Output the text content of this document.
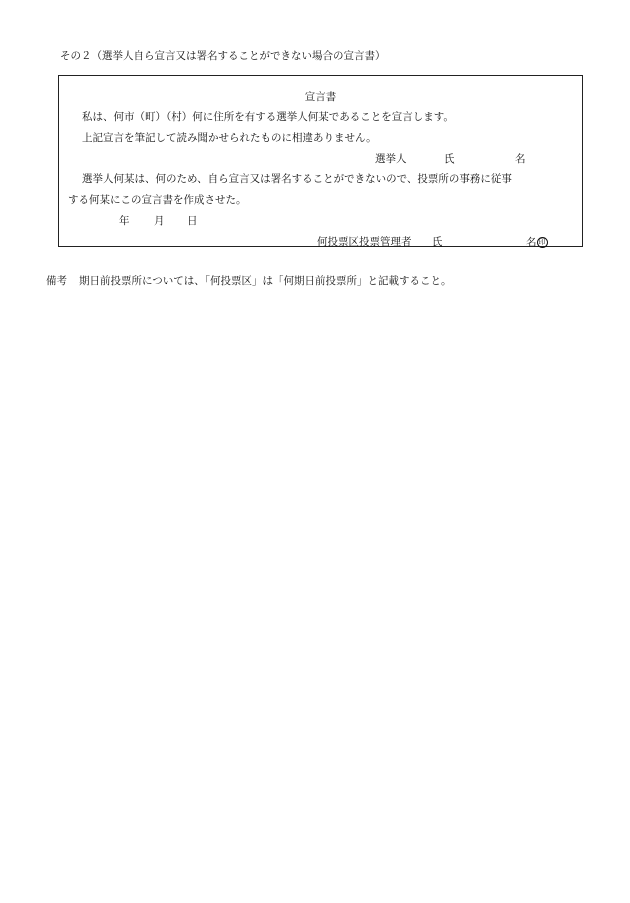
その２（選挙人自ら宣言又は署名することができない場合の宣言書）
宣言書
私は、何市（町）（村）何に住所を有する選挙人何某であることを宣言します。
上記宣言を筆記して読み聞かせられたものに相違ありません。
選挙人	氏	名
選挙人何某は、何のため、自ら宣言又は署名することができないので、投票所の事務に従事
する何某にこの宣言書を作成させた。
年 月 日
何投票区投票管理者 氏	名 印
備考 期日前投票所については、「何投票区」は「何期日前投票所」と記載すること。
